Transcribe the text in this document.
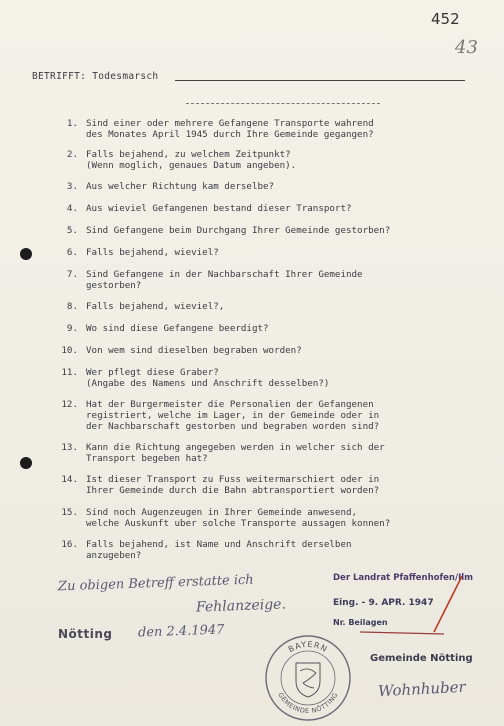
452
43
BETRIFFT: Todesmarsch
1. Sind einer oder mehrere Gefangene Transporte wahrend
des Monates April 1945 durch Ihre Gemeinde gegangen?
2. Falls bejahend, zu welchem Zeitpunkt?
(Wenn moglich, genaues Datum angeben).
3. Aus welcher Richtung kam derselbe?
4. Aus wieviel Gefangenen bestand dieser Transport?
5. Sind Gefangene beim Durchgang Ihrer Gemeinde gestorben?
6. Falls bejahend, wieviel?
7. Sind Gefangene in der Nachbarschaft Ihrer Gemeinde
gestorben?
8. Falls bejahend, wieviel?,
9. Wo sind diese Gefangene beerdigt?
10. Von wem sind dieselben begraben worden?
11. Wer pflegt diese Graber?
(Angabe des Namens und Anschrift desselben?)
12. Hat der Burgermeister die Personalien der Gefangenen
registriert, welche im Lager, in der Gemeinde oder in
der Nachbarschaft gestorben und begraben worden sind?
13. Kann die Richtung angegeben werden in welcher sich der
Transport begeben hat?
14. Ist dieser Transport zu Fuss weitermarschiert oder in
Ihrer Gemeinde durch die Bahn abtransportiert worden?
15. Sind noch Augenzeugen in Ihrer Gemeinde anwesend,
welche Auskunft uber solche Transporte aussagen konnen?
16. Falls bejahend, ist Name und Anschrift derselben
anzugeben?
Zu obigen Betreff erstatte ich
Fehlanzeige.
Nötting den 2.4.1947
Der Landrat Pfaffenhofen/Ilm
Eing. - 9. APR. 1947
Nr. Beilagen
BAYERN
GEMEINDE NÖTTING
Gemeinde Nötting
Wohnhuber
